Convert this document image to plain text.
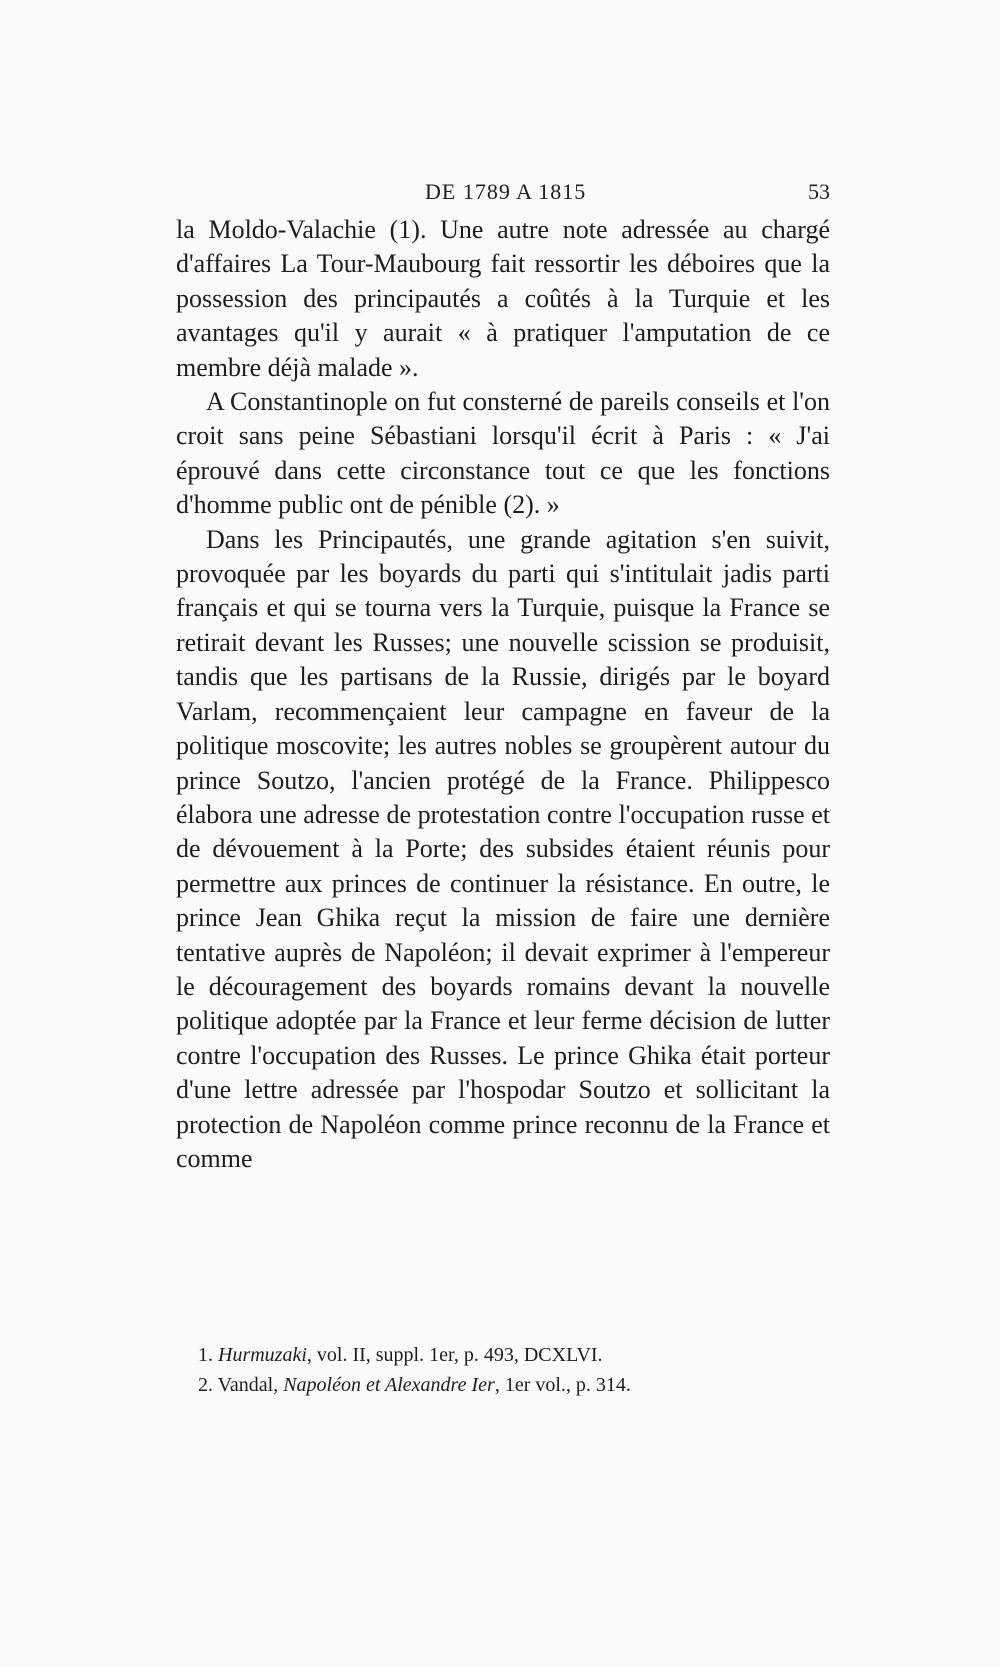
DE 1789 A 1815	53

la Moldo-Valachie (1). Une autre note adressée au chargé d'affaires La Tour-Maubourg fait ressortir les déboires que la possession des principautés a coûtés à la Turquie et les avantages qu'il y aurait « à pratiquer l'amputation de ce membre déjà malade ».

A Constantinople on fut consterné de pareils conseils et l'on croit sans peine Sébastiani lorsqu'il écrit à Paris : « J'ai éprouvé dans cette circonstance tout ce que les fonctions d'homme public ont de pénible (2). »

Dans les Principautés, une grande agitation s'en suivit, provoquée par les boyards du parti qui s'intitulait jadis parti français et qui se tourna vers la Turquie, puisque la France se retirait devant les Russes; une nouvelle scission se produisit, tandis que les partisans de la Russie, dirigés par le boyard Varlam, recommençaient leur campagne en faveur de la politique moscovite; les autres nobles se groupèrent autour du prince Soutzo, l'ancien protégé de la France. Philippesco élabora une adresse de protestation contre l'occupation russe et de dévouement à la Porte; des subsides étaient réunis pour permettre aux princes de continuer la résistance. En outre, le prince Jean Ghika reçut la mission de faire une dernière tentative auprès de Napoléon; il devait exprimer à l'empereur le découragement des boyards romains devant la nouvelle politique adoptée par la France et leur ferme décision de lutter contre l'occupation des Russes. Le prince Ghika était porteur d'une lettre adressée par l'hospodar Soutzo et sollicitant la protection de Napoléon comme prince reconnu de la France et comme

1. Hurmuzaki, vol. II, suppl. 1er, p. 493, DCXLVI.
2. Vandal, Napoléon et Alexandre Ier, 1er vol., p. 314.
